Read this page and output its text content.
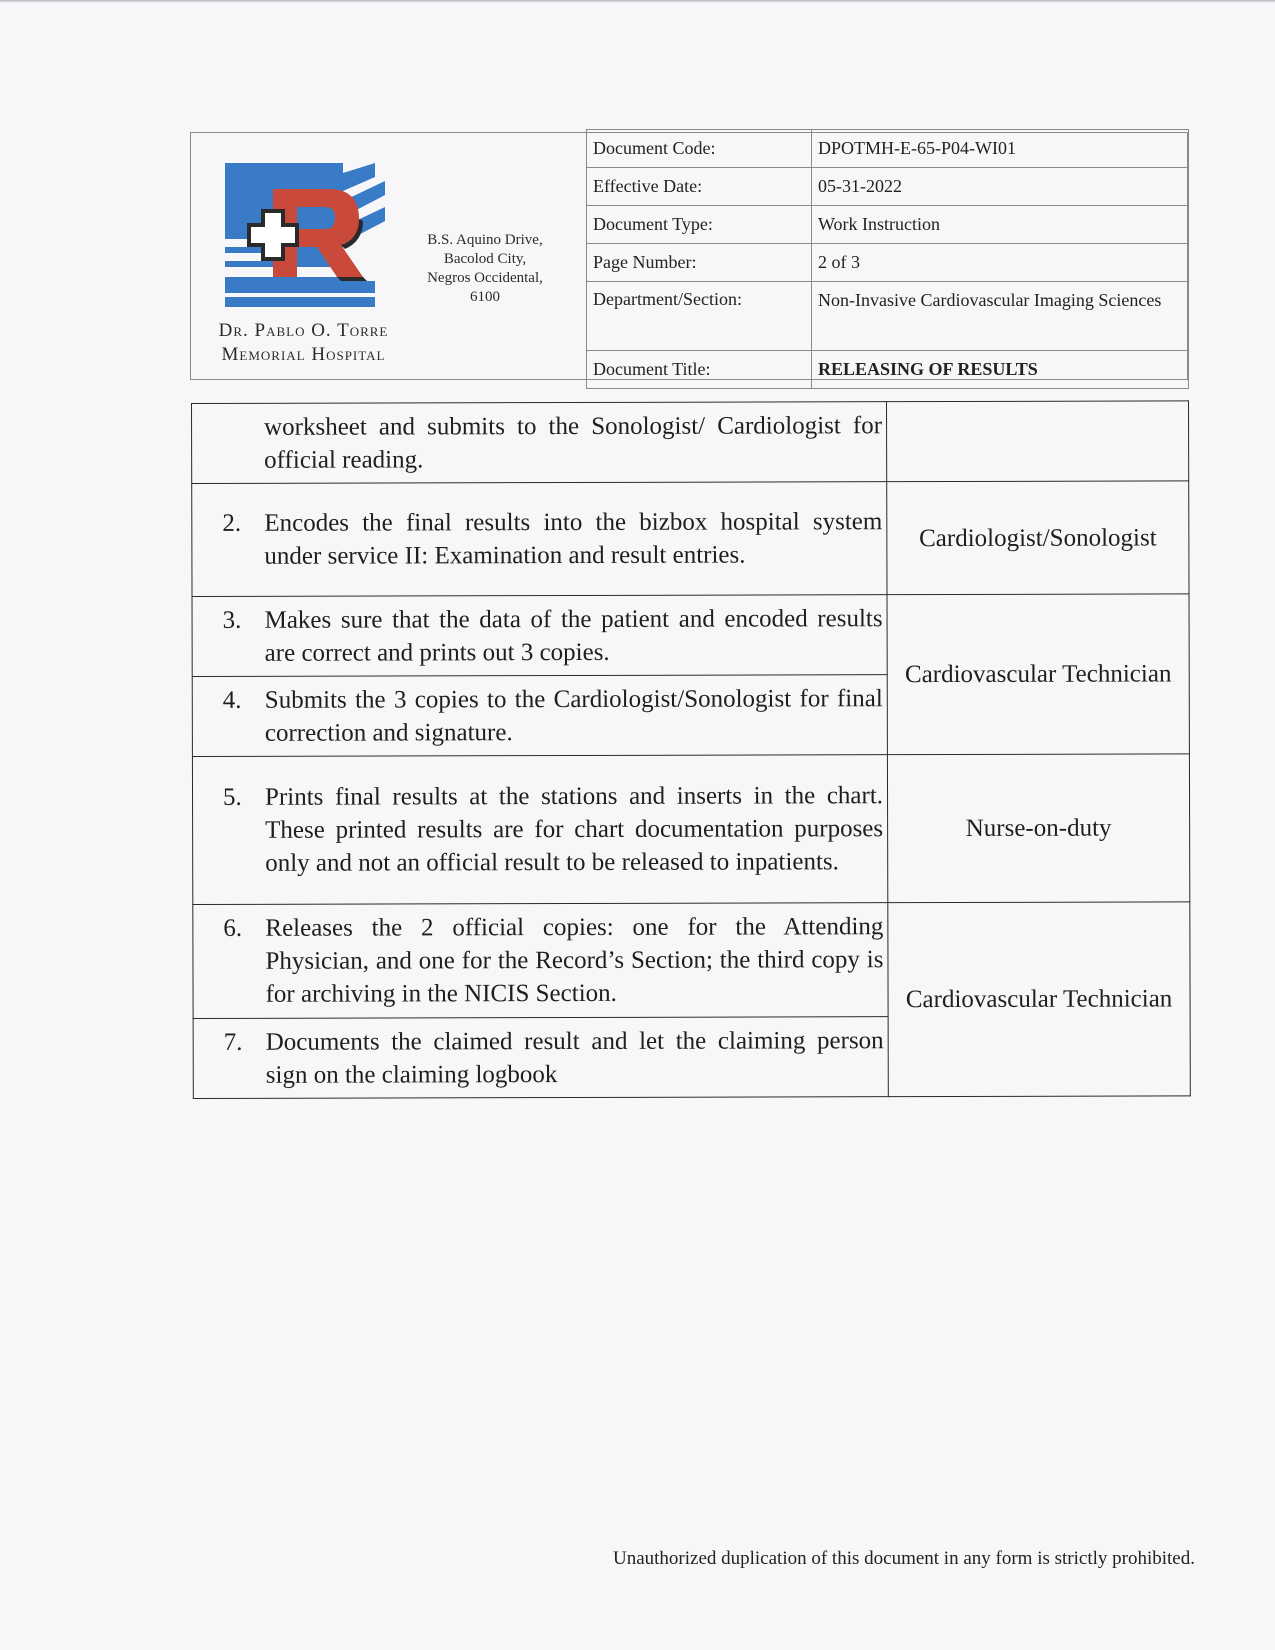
Dr. Pablo O. Torre
Memorial Hospital
B.S. Aquino Drive,
Bacolod City,
Negros Occidental,
6100
Document Code:	DPOTMH-E-65-P04-WI01
Effective Date:	05-31-2022
Document Type:	Work Instruction
Page Number:	2 of 3
Department/Section:	Non-Invasive Cardiovascular Imaging Sciences
Document Title:	RELEASING OF RESULTS
worksheet and submits to the Sonologist/ Cardiologist for official reading.	

2. Encodes the final results into the bizbox hospital system under service II: Examination and result entries.	Cardiologist/Sonologist

3. Makes sure that the data of the patient and encoded results are correct and prints out 3 copies.	Cardiovascular Technician

4. Submits the 3 copies to the Cardiologist/Sonologist for final correction and signature.	

5. Prints final results at the stations and inserts in the chart. These printed results are for chart documentation purposes only and not an official result to be released to inpatients.	Nurse-on-duty

6. Releases the 2 official copies: one for the Attending Physician, and one for the Record’s Section; the third copy is for archiving in the NICIS Section.	Cardiovascular Technician

7. Documents the claimed result and let the claiming person sign on the claiming logbook	
Unauthorized duplication of this document in any form is strictly prohibited.
